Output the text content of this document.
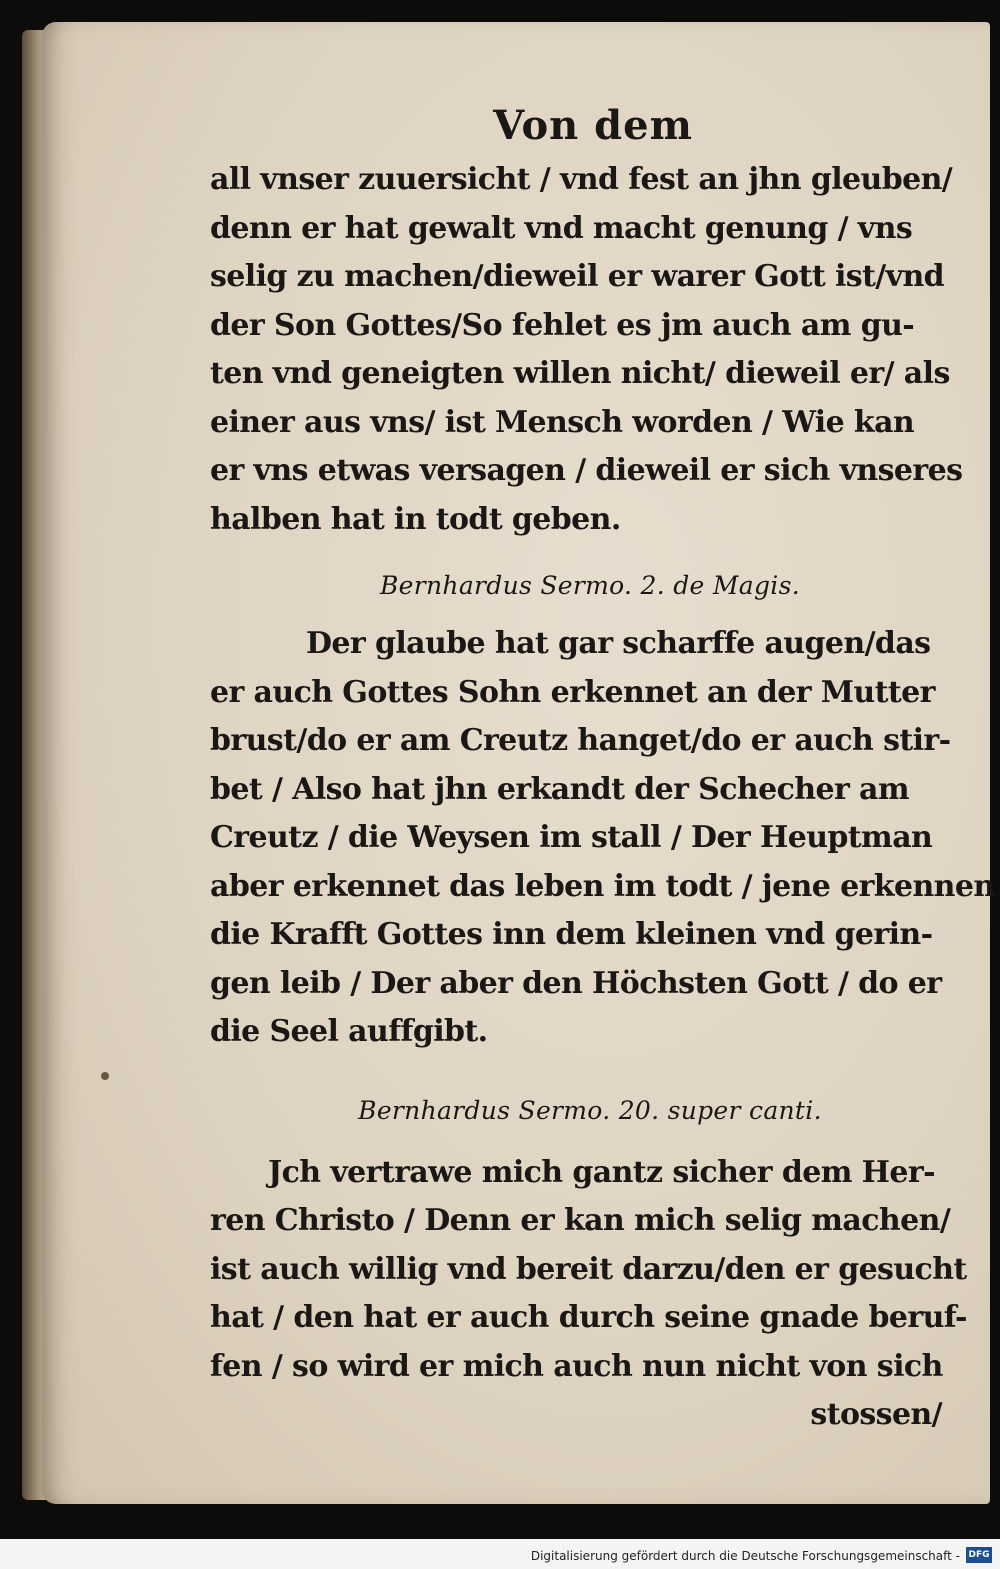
Von dem
all vnser zuuersicht / vnd fest an jhn gleuben/
denn er hat gewalt vnd macht genung / vns
selig zu machen/dieweil er warer Gott ist/vnd
der Son Gottes/So fehlet es jm auch am gu-
ten vnd geneigten willen nicht/ dieweil er/ als
einer aus vns/ ist Mensch worden / Wie kan
er vns etwas versagen / dieweil er sich vnseres
halben hat in todt geben.
Bernhardus Sermo. 2. de Magis.
Der glaube hat gar scharffe augen/das
er auch Gottes Sohn erkennet an der Mutter
brust/do er am Creutz hanget/do er auch stir-
bet / Also hat jhn erkandt der Schecher am
Creutz / die Weysen im stall / Der Heuptman
aber erkennet das leben im todt / jene erkennen
die Krafft Gottes inn dem kleinen vnd gerin-
gen leib / Der aber den Höchsten Gott / do er
die Seel auffgibt.
Bernhardus Sermo. 20. super canti.
Jch vertrawe mich gantz sicher dem Her-
ren Christo / Denn er kan mich selig machen/
ist auch willig vnd bereit darzu/den er gesucht
hat / den hat er auch durch seine gnade beruf-
fen / so wird er mich auch nun nicht von sich
stossen/
Digitalisierung gefördert durch die Deutsche Forschungsgemeinschaft - DFG
